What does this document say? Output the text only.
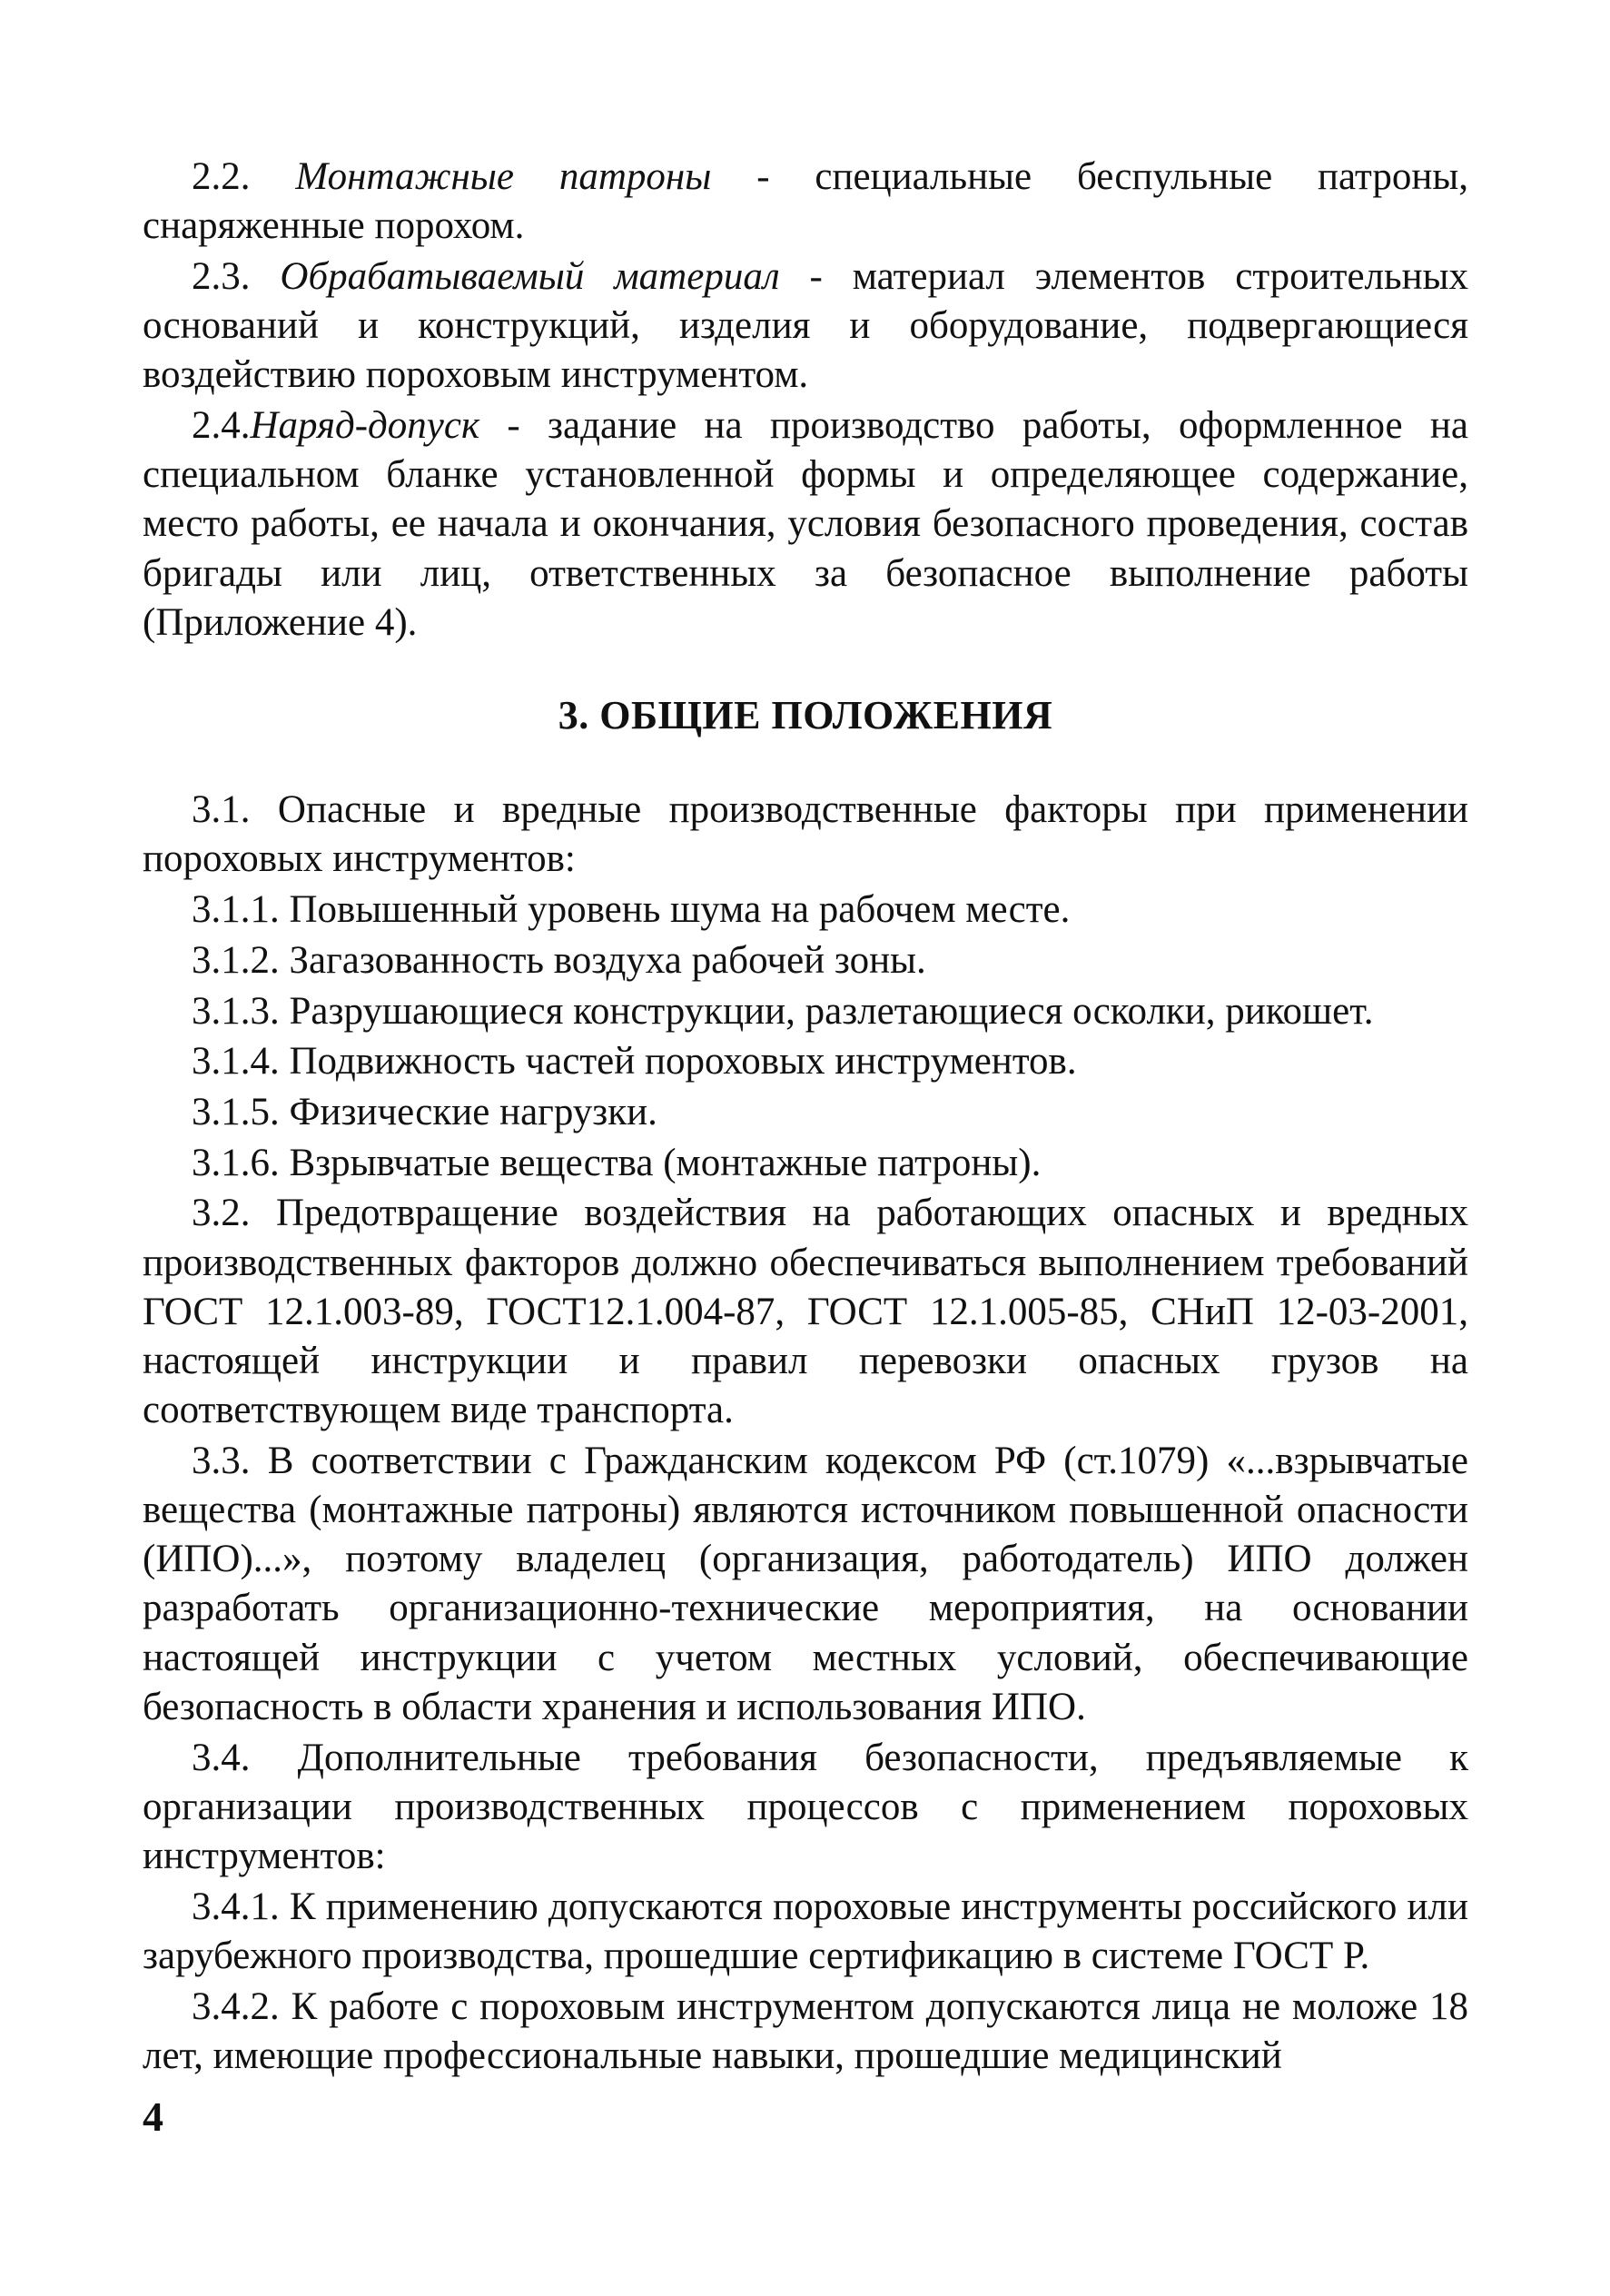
2.2. Монтажные патроны - специальные беспульные патроны, снаряженные порохом.

2.3. Обрабатываемый материал - материал элементов строительных оснований и конструкций, изделия и оборудование, подвергающиеся воздействию пороховым инструментом.

2.4.Наряд-допуск - задание на производство работы, оформленное на специальном бланке установленной формы и определяющее содержание, место работы, ее начала и окончания, условия безопасного проведения, состав бригады или лиц, ответственных за безопасное выполнение работы (Приложение 4).

3. ОБЩИЕ ПОЛОЖЕНИЯ

3.1. Опасные и вредные производственные факторы при применении пороховых инструментов:

3.1.1. Повышенный уровень шума на рабочем месте.

3.1.2. Загазованность воздуха рабочей зоны.

3.1.3. Разрушающиеся конструкции, разлетающиеся осколки, рикошет.

3.1.4. Подвижность частей пороховых инструментов.

3.1.5. Физические нагрузки.

3.1.6. Взрывчатые вещества (монтажные патроны).

3.2. Предотвращение воздействия на работающих опасных и вредных производственных факторов должно обеспечиваться выполнением требований ГОСТ 12.1.003-89, ГОСТ12.1.004-87, ГОСТ 12.1.005-85, СНиП 12-03-2001, настоящей инструкции и правил перевозки опасных грузов на соответствующем виде транспорта.

3.3. В соответствии с Гражданским кодексом РФ (ст.1079) «...взрывчатые вещества (монтажные патроны) являются источником повышенной опасности (ИПО)...», поэтому владелец (организация, работодатель) ИПО должен разработать организационно-технические мероприятия, на основании настоящей инструкции с учетом местных условий, обеспечивающие безопасность в области хранения и использования ИПО.

3.4. Дополнительные требования безопасности, предъявляемые к организации производственных процессов с применением пороховых инструментов:

3.4.1. К применению допускаются пороховые инструменты российского или зарубежного производства, прошедшие сертификацию в системе ГОСТ Р.

3.4.2. К работе с пороховым инструментом допускаются лица не моложе 18 лет, имеющие профессиональные навыки, прошедшие медицинский

4
